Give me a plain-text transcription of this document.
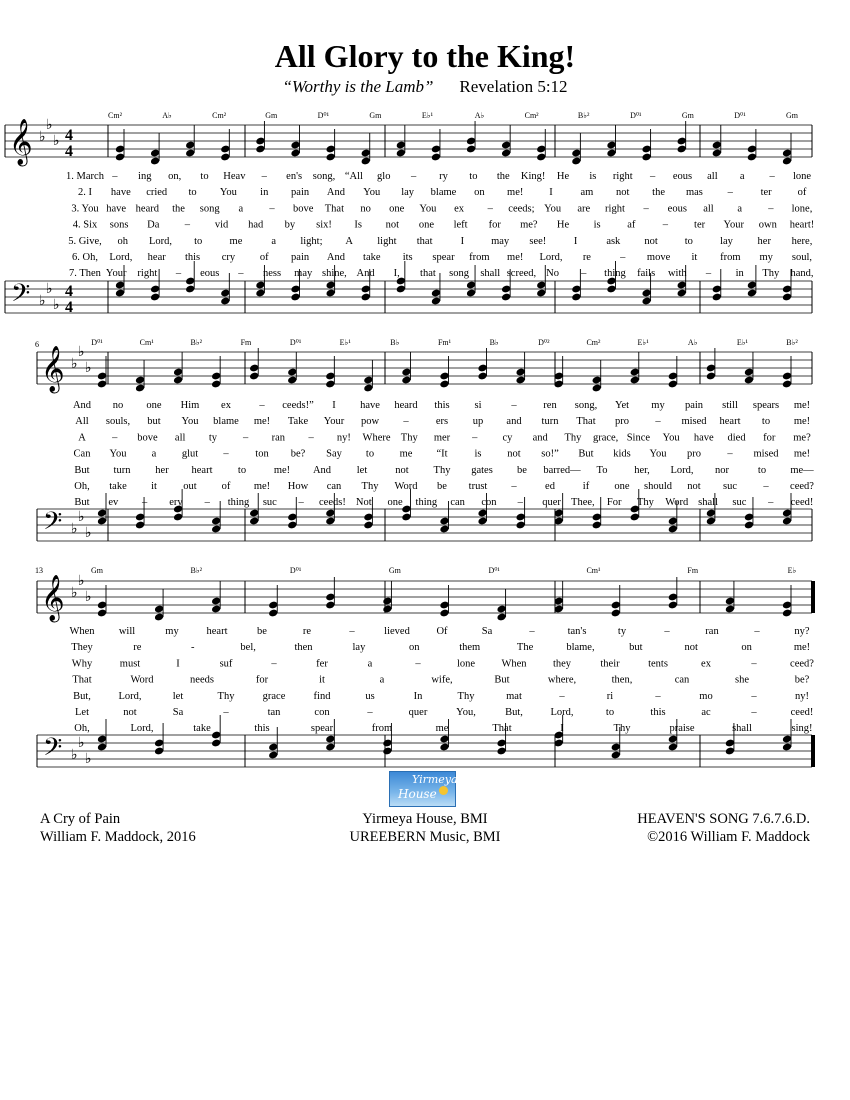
All Glory to the King!
“Worthy is the Lamb” Revelation 5:12
𝄞
𝄢
♭
♭
♭
♭
♭
♭
4
4
4
4
Cm²	A♭	Cm²	Gm	D⁰¹	Gm	E♭¹	A♭	Cm²	B♭²	D⁰¹	Gm	D⁰¹	Gm
1. March – ing on, to Heav – en's song, “All glo – ry to the King! He is right – eous all a – lone
2. I have cried to You in pain And You lay blame on me! I	am not the mas –	ter of
3. You have heard the song a – bove That no one You ex – ceeds; You are right – eous all a – lone,
4. Six sons Da – vid had by six! Is not one left for me? He is	af	– ter Your own heart!
5. Give, oh Lord, to	me	a light; A light that	I	may see!	I	ask not	to	lay her here,
6. Oh, Lord, hear this cry of pain And take its spear from me! Lord, re	– move it from my soul,
7. Then Your right – eous – ness may shine, And I, that song shall screed, No – thing fails with – in Thy hand,
𝄞
𝄢
♭
♭
♭
♭
♭
♭
6	D⁰¹	Cm¹	B♭²	Fm	D⁰¹	E♭¹	B♭	Fm¹	B♭	D⁰²	Cm²	E♭¹	A♭	E♭¹	B♭²
And no one Him ex	– ceeds!” I have heard this si	–	ren song, Yet my pain still spears me!
All souls, but You blame me! Take Your pow –	ers up and turn That pro	– mised heart to me!
A	– bove all ty – ran – ny! Where Thy mer – cy and Thy grace, Since You have died for me?
Can You a glut –	ton be? Say to me “It	is not so!” But kids You pro	– mised me!
But turn her heart to	me! And let	not Thy gates be barred— To	her, Lord, nor	to me—
Oh, take it	out of me! How can Thy Word be trust –	ed	if one should not suc	– ceed?
But ev – ery – thing suc – ceeds! Not one thing can con – quer Thee, For Thy Word shall suc – ceed!
𝄞
𝄢
♭
♭
♭
♭
♭
♭
13	Gm	B♭²	D⁰¹	Gm	D⁰¹	Cm¹	Fm	E♭
When will	my	heart	be	re	–	lieved	Of	Sa	–	tan's	ty	–	ran	–	ny?
They	re	-	bel,	then	lay	on	them	The	blame,	but	not	on	me!
Why	must	I	suf	–	fer	a	–	lone	When	they	their	tents	ex	–	ceed?
That	Word	needs	for	it	a	wife,	But	where,	then,	can	she	be?
But,	Lord,	let	Thy	grace	find	us	In	Thy	mat	–	ri	–	mo	–	ny!
Let	not	Sa	–	tan	con	–	quer	You,	But,	Lord,	to	this	ac	–	ceed!
Oh,	Lord,	take	this	spear	from	me	That	I	Thy	praise	shall	sing!
Yirmeya
House
A Cry of Pain
William F. Maddock, 2016
Yirmeya House, BMI
UREEBERN Music, BMI
HEAVEN'S SONG 7.6.7.6.D.
©2016 William F. Maddock
